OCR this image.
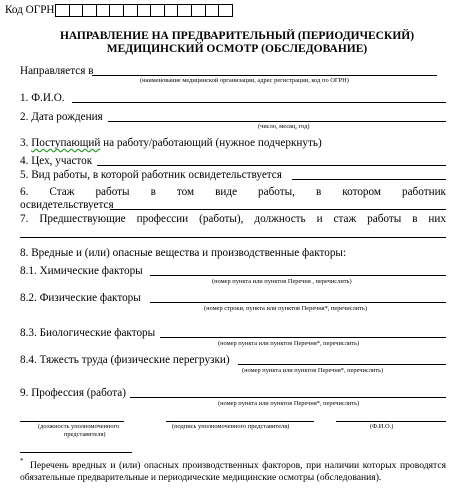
Код ОГРН
НАПРАВЛЕНИЕ НА ПРЕДВАРИТЕЛЬНЫЙ (ПЕРИОДИЧЕСКИЙ)
МЕДИЦИНСКИЙ ОСМОТР (ОБСЛЕДОВАНИЕ)
Направляется в
(наименование медицинской организации, адрес регистрации, код по ОГРН)
1. Ф.И.О.
2. Дата рождения
(число, месяц, год)
3. Поступающий на работу/работающий (нужное подчеркнуть)
4. Цех, участок
5. Вид работы, в которой работник освидетельствуется
6. Стаж работы в том виде работы, в котором работник
освидетельствуется
7. Предшествующие профессии (работы), должность и стаж работы в них
8. Вредные и (или) опасные вещества и производственные факторы:
8.1. Химические факторы
(номер пункта или пунктов Перечня , перечислить)
8.2. Физические факторы
(номер строки, пункта или пунктов Перечня*, перечислить)
8.3. Биологические факторы
(номер пункта или пунктов Перечня*, перечислить)
8.4. Тяжесть труда (физические перегрузки)
(номер пункта или пунктов Перечня*, перечислить)
9. Профессия (работа)
(номер пункта или пунктов Перечня*, перечислить)
(должность уполномоченного
представителя)
(подпись уполномоченного представителя)	(Ф.И.О.)
* Перечень вредных и (или) опасных производственных факторов, при наличии которых проводятся
обязательные предварительные и периодические медицинские осмотры (обследования).
